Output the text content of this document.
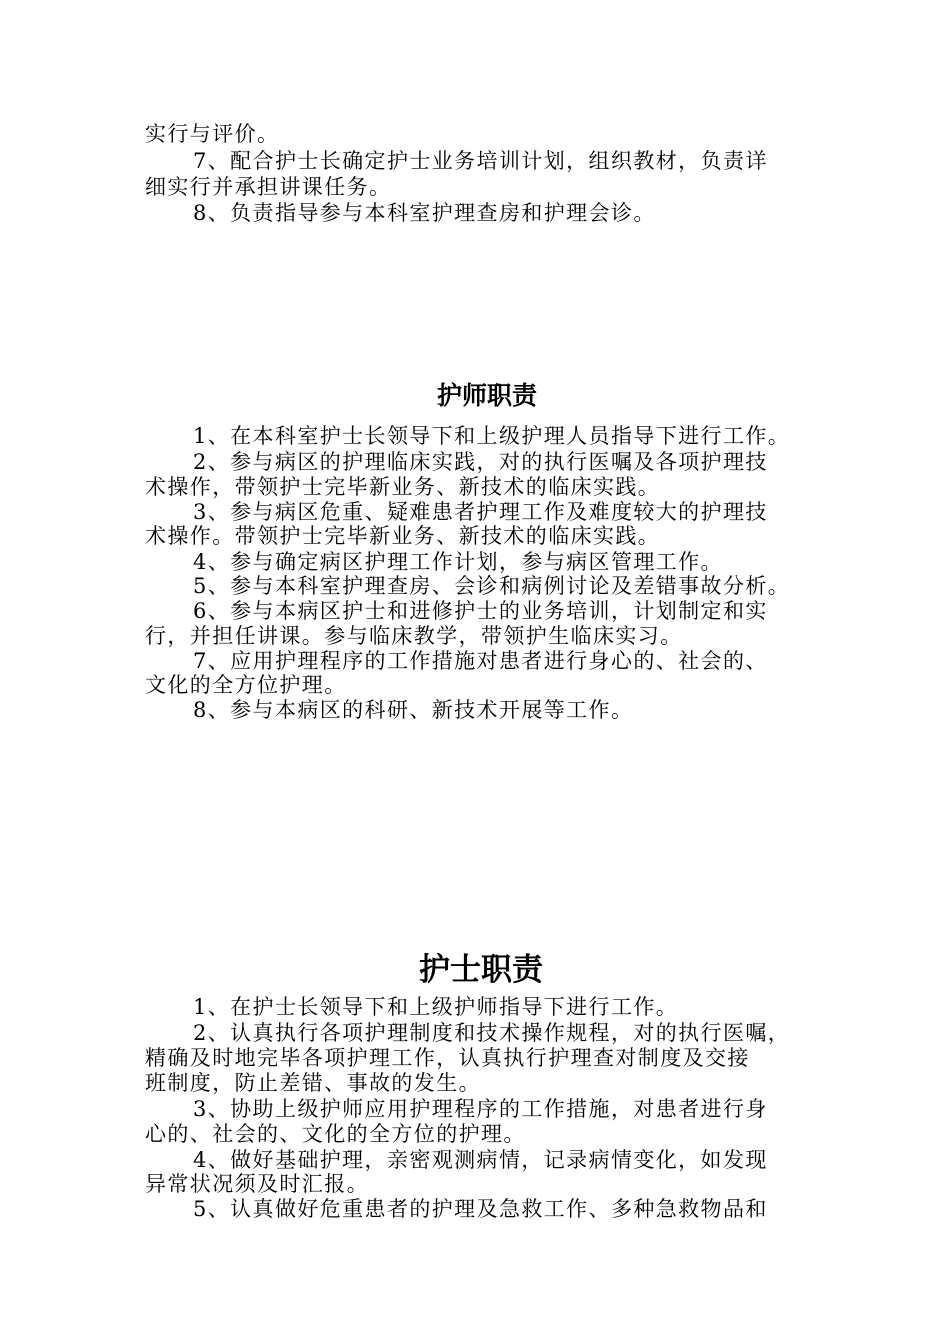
实行与评价。
7、配合护士长确定护士业务培训计划，组织教材，负责详
细实行并承担讲课任务。
8、负责指导参与本科室护理查房和护理会诊。
护师职责
1、在本科室护士长领导下和上级护理人员指导下进行工作。
2、参与病区的护理临床实践，对的执行医嘱及各项护理技
术操作，带领护士完毕新业务、新技术的临床实践。
3、参与病区危重、疑难患者护理工作及难度较大的护理技
术操作。带领护士完毕新业务、新技术的临床实践。
4、参与确定病区护理工作计划，参与病区管理工作。
5、参与本科室护理查房、会诊和病例讨论及差错事故分析。
6、参与本病区护士和进修护士的业务培训，计划制定和实
行，并担任讲课。参与临床教学，带领护生临床实习。
7、应用护理程序的工作措施对患者进行身心的、社会的、
文化的全方位护理。
8、参与本病区的科研、新技术开展等工作。
护士职责
1、在护士长领导下和上级护师指导下进行工作。
2、认真执行各项护理制度和技术操作规程，对的执行医嘱，
精确及时地完毕各项护理工作，认真执行护理查对制度及交接
班制度，防止差错、事故的发生。
3、协助上级护师应用护理程序的工作措施，对患者进行身
心的、社会的、文化的全方位的护理。
4、做好基础护理，亲密观测病情，记录病情变化，如发现
异常状况须及时汇报。
5、认真做好危重患者的护理及急救工作、多种急救物品和
